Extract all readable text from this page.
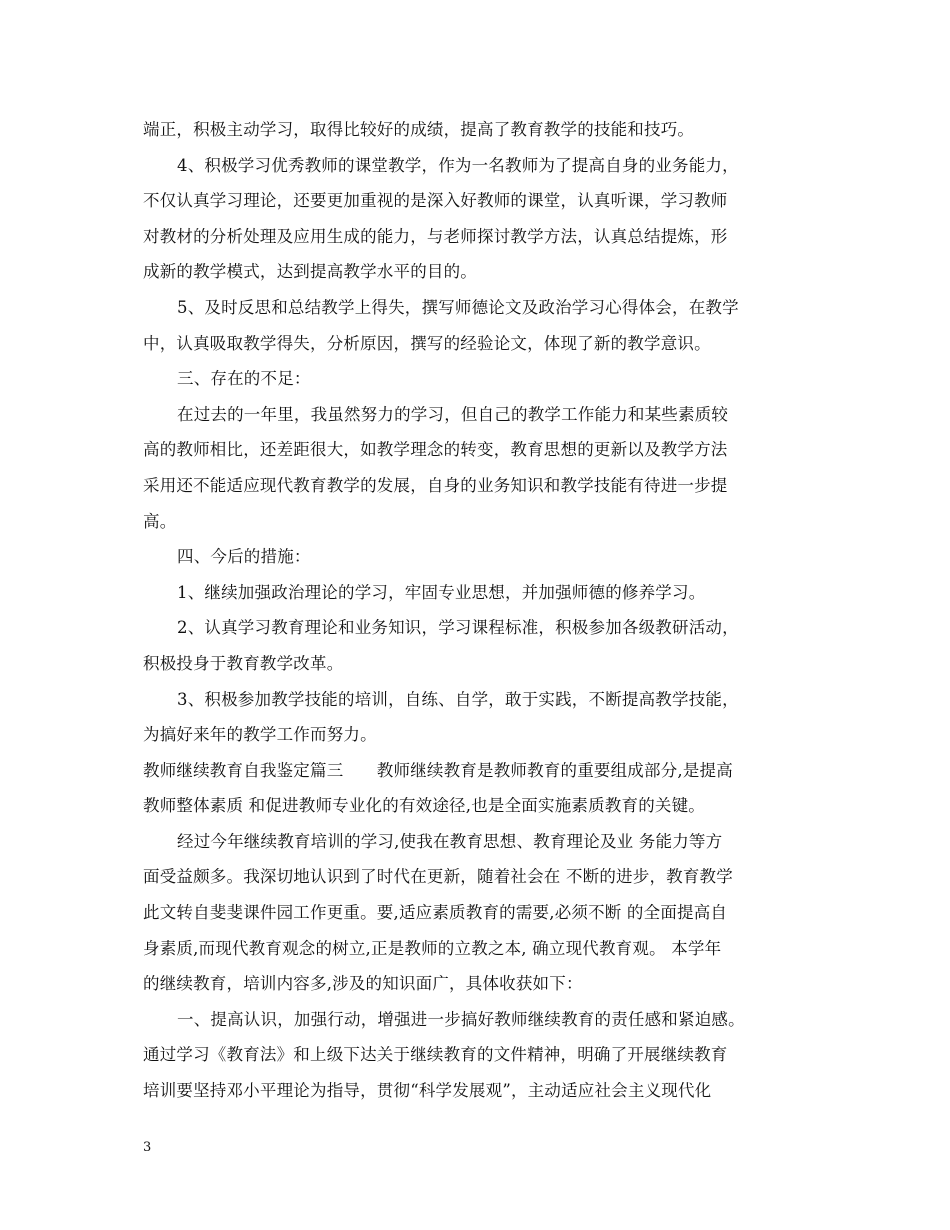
端正，积极主动学习，取得比较好的成绩，提高了教育教学的技能和技巧。
4、积极学习优秀教师的课堂教学，作为一名教师为了提高自身的业务能力，
不仅认真学习理论，还要更加重视的是深入好教师的课堂，认真听课，学习教师
对教材的分析处理及应用生成的能力，与老师探讨教学方法，认真总结提炼，形
成新的教学模式，达到提高教学水平的目的。
5、及时反思和总结教学上得失，撰写师德论文及政治学习心得体会，在教学
中，认真吸取教学得失，分析原因，撰写的经验论文，体现了新的教学意识。
三、存在的不足：
在过去的一年里，我虽然努力的学习，但自己的教学工作能力和某些素质较
高的教师相比，还差距很大，如教学理念的转变，教育思想的更新以及教学方法
采用还不能适应现代教育教学的发展，自身的业务知识和教学技能有待进一步提
高。
四、今后的措施：
1、继续加强政治理论的学习，牢固专业思想，并加强师德的修养学习。
2、认真学习教育理论和业务知识，学习课程标准，积极参加各级教研活动，
积极投身于教育教学改革。
3、积极参加教学技能的培训，自练、自学，敢于实践，不断提高教学技能，
为搞好来年的教学工作而努力。
教师继续教育自我鉴定篇三　　教师继续教育是教师教育的重要组成部分,是提高
教师整体素质 和促进教师专业化的有效途径,也是全面实施素质教育的关键。
经过今年继续教育培训的学习,使我在教育思想、教育理论及业 务能力等方
面受益颇多。我深切地认识到了时代在更新，随着社会在 不断的进步，教育教学
此文转自斐斐课件园工作更重。要,适应素质教育的需要,必须不断 的全面提高自
身素质,而现代教育观念的树立,正是教师的立教之本, 确立现代教育观。 本学年
的继续教育，培训内容多,涉及的知识面广，具体收获如下：
一、提高认识，加强行动，增强进一步搞好教师继续教育的责任感和紧迫感。
通过学习《教育法》和上级下达关于继续教育的文件精神，明确了开展继续教育
培训要坚持邓小平理论为指导，贯彻“科学发展观”，主动适应社会主义现代化
3
